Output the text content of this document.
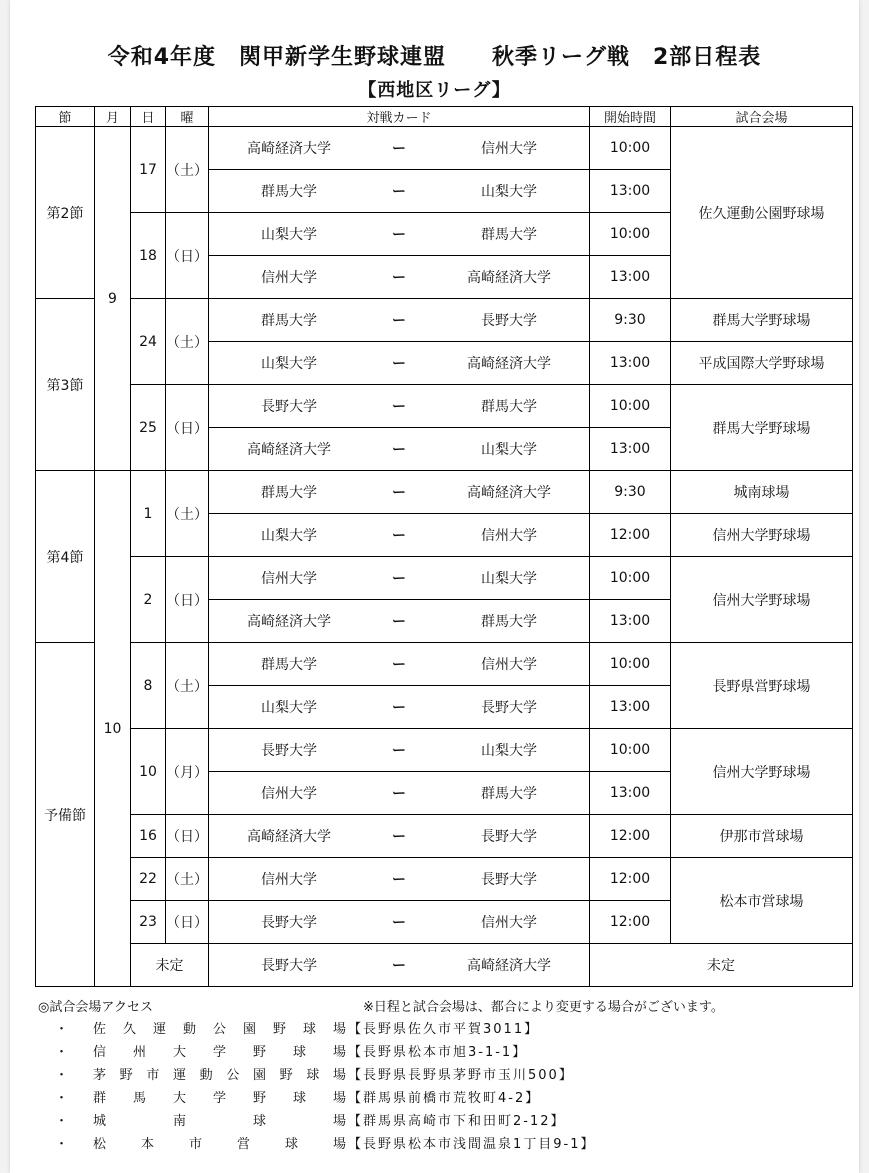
令和4年度　関甲新学生野球連盟　　秋季リーグ戦　2部日程表
【西地区リーグ】
節	月	日	曜	対戦カード	開始時間	試合会場
第2節	9	17	（土）	高崎経済大学 ー 信州大学	10:00	佐久運動公園野球場
				群馬大学 ー 山梨大学	13:00	
		18	（日）	山梨大学 ー 群馬大学	10:00	
				信州大学 ー 高崎経済大学	13:00	
第3節		24	（土）	群馬大学 ー 長野大学	9:30	群馬大学野球場
				山梨大学 ー 高崎経済大学	13:00	平成国際大学野球場
		25	（日）	長野大学 ー 群馬大学	10:00	群馬大学野球場
				高崎経済大学 ー 山梨大学	13:00	
第4節	10	1	（土）	群馬大学 ー 高崎経済大学	9:30	城南球場
				山梨大学 ー 信州大学	12:00	信州大学野球場
		2	（日）	信州大学 ー 山梨大学	10:00	信州大学野球場
				高崎経済大学 ー 群馬大学	13:00	
予備節		8	（土）	群馬大学 ー 信州大学	10:00	長野県営野球場
				山梨大学 ー 長野大学	13:00	
		10	（月）	長野大学 ー 山梨大学	10:00	信州大学野球場
				信州大学 ー 群馬大学	13:00	
		16	（日）	高崎経済大学 ー 長野大学	12:00	伊那市営球場
		22	（土）	信州大学 ー 長野大学	12:00	松本市営球場
		23	（日）	長野大学 ー 信州大学	12:00	
		未定		長野大学 ー 高崎経済大学	未定	
◎試合会場アクセス	※日程と試合会場は、都合により変更する場合がございます。
・ 佐久運動公園野球場【長野県佐久市平賀3011】
・ 信州大学野球場【長野県松本市旭3-1-1】
・ 茅野市運動公園野球場【長野県長野県茅野市玉川500】
・ 群馬大学野球場【群馬県前橋市荒牧町4-2】
・ 城南球場【群馬県高崎市下和田町2-12】
・ 松本市営球場【長野県松本市浅間温泉1丁目9-1】
